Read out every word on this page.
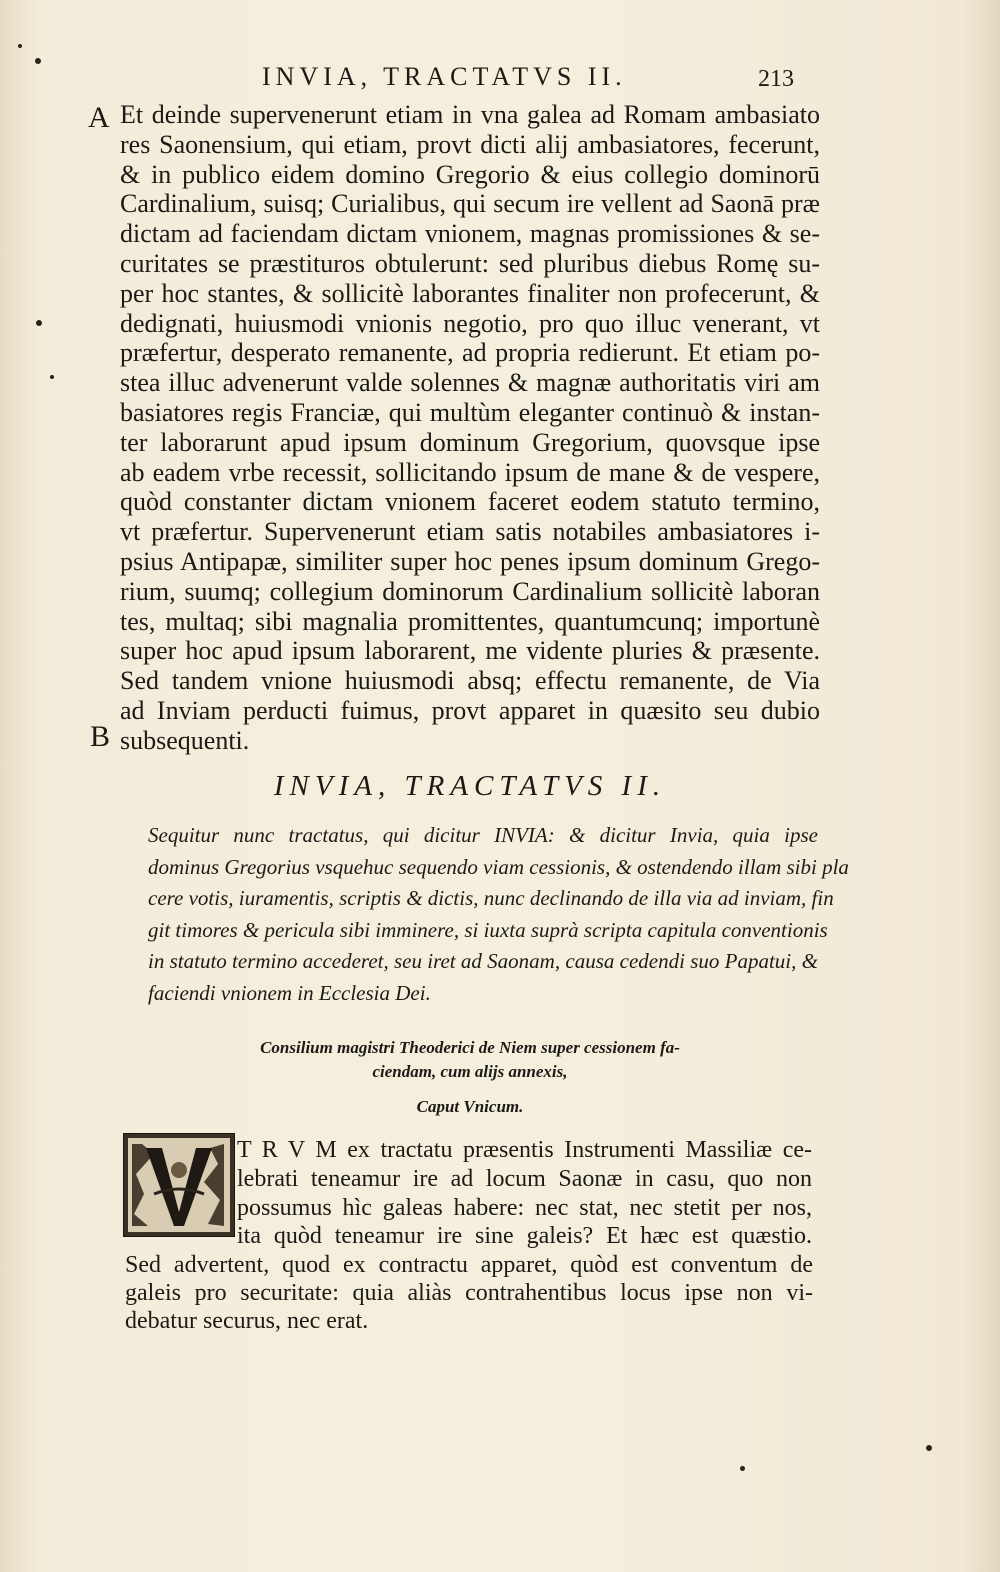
INVIA, TRACTATVS II.	213
A
B
Et deinde supervenerunt etiam in vna galea ad Romam ambasiato
res Saonensium, qui etiam, provt dicti alij ambasiatores, fecerunt,
& in publico eidem domino Gregorio & eius collegio dominorū
Cardinalium, suisq; Curialibus, qui secum ire vellent ad Saonā præ
dictam ad faciendam dictam vnionem, magnas promissiones & se-
curitates se præstituros obtulerunt: sed pluribus diebus Romę su-
per hoc stantes, & sollicitè laborantes finaliter non profecerunt, &
dedignati, huiusmodi vnionis negotio, pro quo illuc venerant, vt
præfertur, desperato remanente, ad propria redierunt. Et etiam po-
stea illuc advenerunt valde solennes & magnæ authoritatis viri am
basiatores regis Franciæ, qui multùm eleganter continuò & instan-
ter laborarunt apud ipsum dominum Gregorium, quovsque ipse
ab eadem vrbe recessit, sollicitando ipsum de mane & de vespere,
quòd constanter dictam vnionem faceret eodem statuto termino,
vt præfertur. Supervenerunt etiam satis notabiles ambasiatores i-
psius Antipapæ, similiter super hoc penes ipsum dominum Grego-
rium, suumq; collegium dominorum Cardinalium sollicitè laboran
tes, multaq; sibi magnalia promittentes, quantumcunq; importunè
super hoc apud ipsum laborarent, me vidente pluries & præsente.
Sed tandem vnione huiusmodi absq; effectu remanente, de Via
ad Inviam perducti fuimus, provt apparet in quæsito seu dubio
subsequenti.
INVIA, TRACTATVS II.
Sequitur nunc tractatus, qui dicitur INVIA: & dicitur Invia, quia ipse
dominus Gregorius vsquehuc sequendo viam cessionis, & ostendendo illam sibi pla
cere votis, iuramentis, scriptis & dictis, nunc declinando de illa via ad inviam, fin
git timores & pericula sibi imminere, si iuxta suprà scripta capitula conventionis
in statuto termino accederet, seu iret ad Saonam, causa cedendi suo Papatui, &
faciendi vnionem in Ecclesia Dei.
Consilium magistri Theoderici de Niem super cessionem fa-
ciendam, cum alijs annexis,
Caput Vnicum.
T R V M ex tractatu præsentis Instrumenti Massiliæ ce-
lebrati teneamur ire ad locum Saonæ in casu, quo non
possumus hìc galeas habere: nec stat, nec stetit per nos,
ita quòd teneamur ire sine galeis? Et hæc est quæstio.
Sed advertent, quod ex contractu apparet, quòd est conventum de
galeis pro securitate: quia aliàs contrahentibus locus ipse non vi-
debatur securus, nec erat.
